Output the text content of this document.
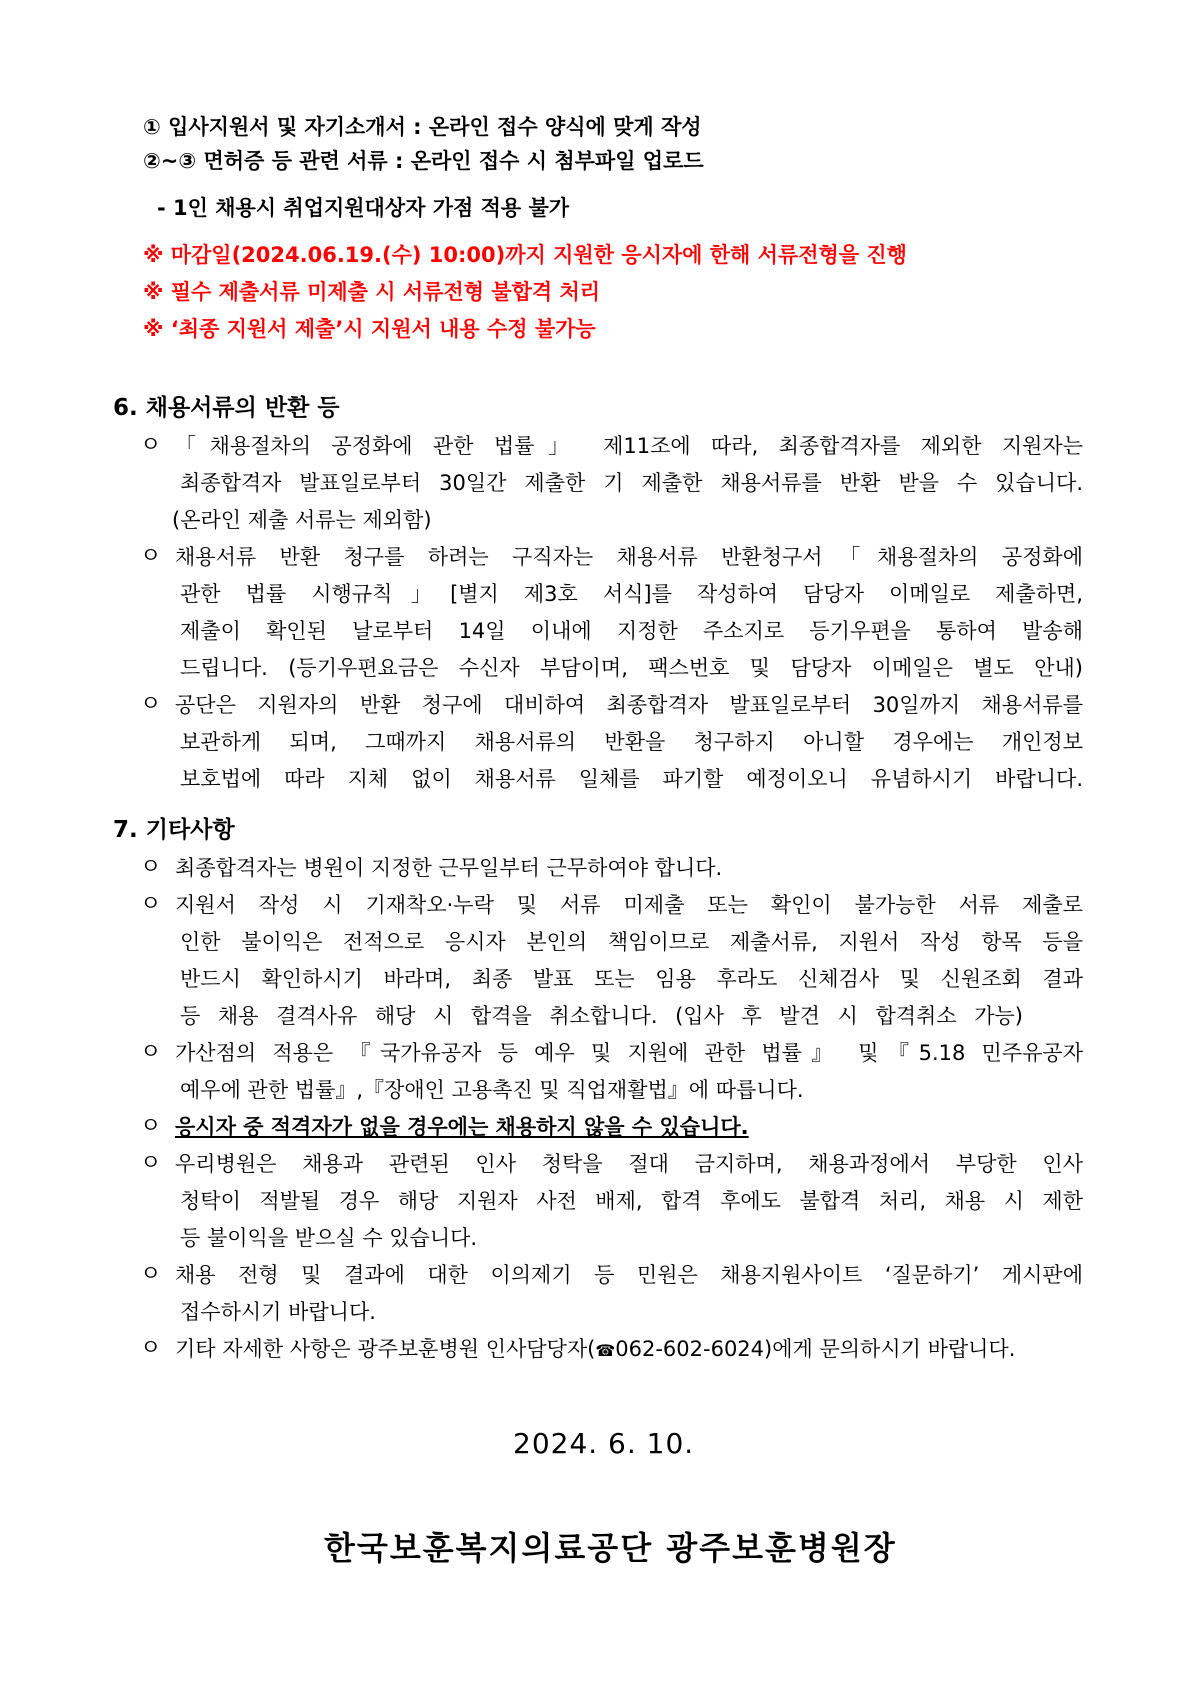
① 입사지원서 및 자기소개서 : 온라인 접수 양식에 맞게 작성
②~③ 면허증 등 관련 서류 : 온라인 접수 시 첨부파일 업로드
- 1인 채용시 취업지원대상자 가점 적용 불가
※ 마감일(2024.06.19.(수) 10:00)까지 지원한 응시자에 한해 서류전형을 진행
※ 필수 제출서류 미제출 시 서류전형 불합격 처리
※ ‘최종 지원서 제출’시 지원서 내용 수정 불가능
6. 채용서류의 반환 등
ㅇ 「채용절차의 공정화에 관한 법률」 제11조에 따라, 최종합격자를 제외한 지원자는
최종합격자 발표일로부터 30일간 제출한 기 제출한 채용서류를 반환 받을 수 있습니다.
(온라인 제출 서류는 제외함)
ㅇ 채용서류 반환 청구를 하려는 구직자는 채용서류 반환청구서「채용절차의 공정화에
관한 법률 시행규칙」[별지 제3호 서식]를 작성하여 담당자 이메일로 제출하면,
제출이 확인된 날로부터 14일 이내에 지정한 주소지로 등기우편을 통하여 발송해
드립니다. (등기우편요금은 수신자 부담이며, 팩스번호 및 담당자 이메일은 별도 안내)
ㅇ 공단은 지원자의 반환 청구에 대비하여 최종합격자 발표일로부터 30일까지 채용서류를
보관하게 되며, 그때까지 채용서류의 반환을 청구하지 아니할 경우에는 개인정보
보호법에 따라 지체 없이 채용서류 일체를 파기할 예정이오니 유념하시기 바랍니다.
7. 기타사항
ㅇ 최종합격자는 병원이 지정한 근무일부터 근무하여야 합니다.
ㅇ 지원서 작성 시 기재착오·누락 및 서류 미제출 또는 확인이 불가능한 서류 제출로
인한 불이익은 전적으로 응시자 본인의 책임이므로 제출서류, 지원서 작성 항목 등을
반드시 확인하시기 바라며, 최종 발표 또는 임용 후라도 신체검사 및 신원조회 결과
등 채용 결격사유 해당 시 합격을 취소합니다. (입사 후 발견 시 합격취소 가능)
ㅇ 가산점의 적용은 『국가유공자 등 예우 및 지원에 관한 법률』 및『5.18 민주유공자
예우에 관한 법률』,『장애인 고용촉진 및 직업재활법』에 따릅니다.
ㅇ 응시자 중 적격자가 없을 경우에는 채용하지 않을 수 있습니다.
ㅇ 우리병원은 채용과 관련된 인사 청탁을 절대 금지하며, 채용과정에서 부당한 인사
청탁이 적발될 경우 해당 지원자 사전 배제, 합격 후에도 불합격 처리, 채용 시 제한
등 불이익을 받으실 수 있습니다.
ㅇ 채용 전형 및 결과에 대한 이의제기 등 민원은 채용지원사이트 ‘질문하기’ 게시판에
접수하시기 바랍니다.
ㅇ 기타 자세한 사항은 광주보훈병원 인사담당자(☎062-602-6024)에게 문의하시기 바랍니다.
2024. 6. 10.
한국보훈복지의료공단 광주보훈병원장
